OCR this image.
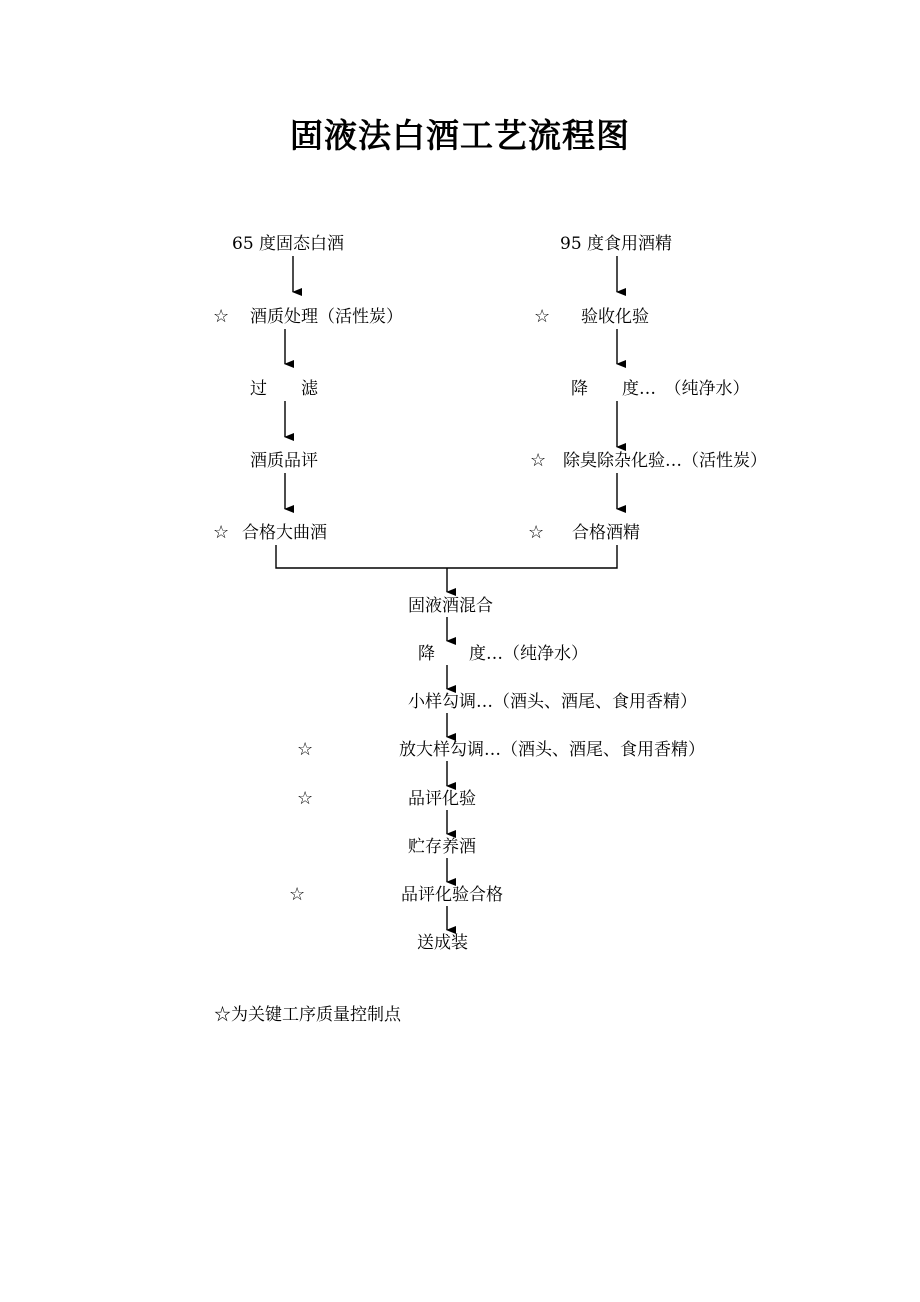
固液法白酒工艺流程图
65 度固态白酒
☆ 酒质处理（活性炭）
过　　滤
酒质品评
☆ 合格大曲酒
95 度食用酒精
☆ 验收化验
降　　度…　（纯净水）
☆ 除臭除杂化验…（活性炭）
☆ 合格酒精
固液酒混合
降　　度…（纯净水）
小样勾调…（酒头、酒尾、食用香精）
☆	放大样勾调…（酒头、酒尾、食用香精）
☆	品评化验
贮存养酒
☆	品评化验合格
送成装
☆为关键工序质量控制点
